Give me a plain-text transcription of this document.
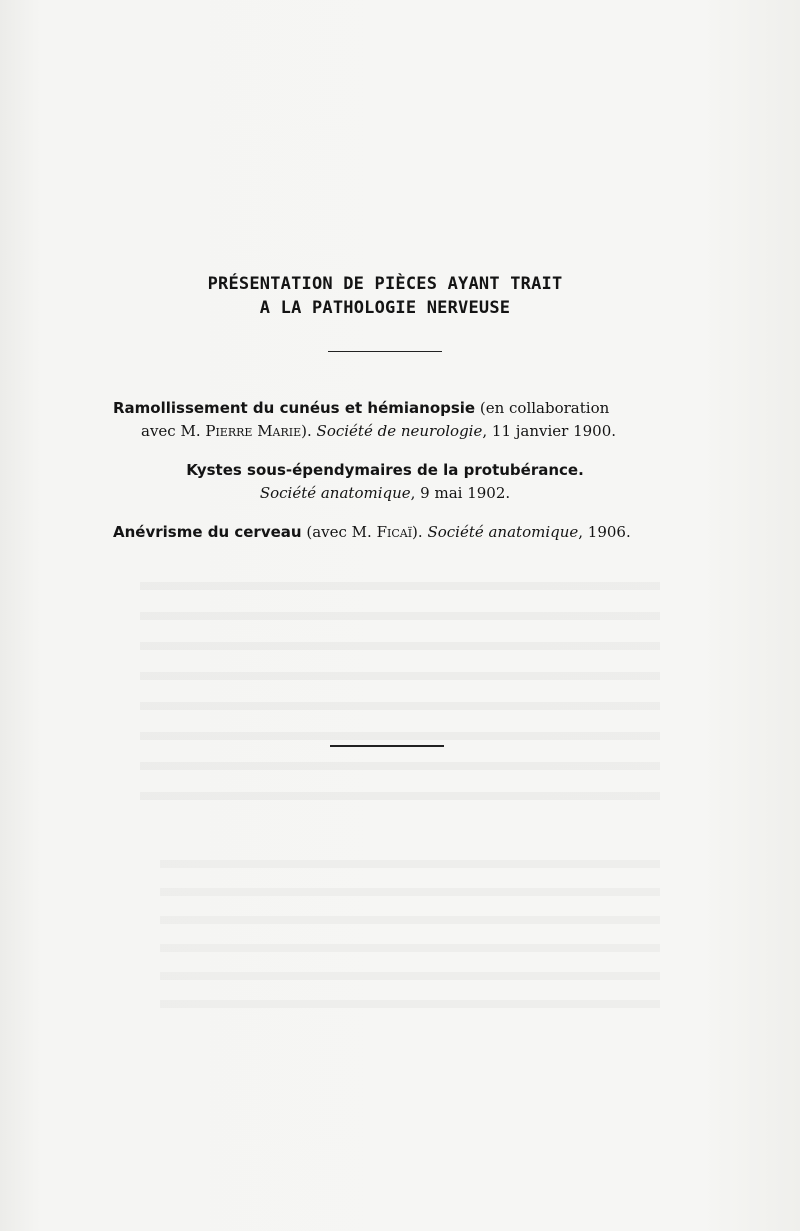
PRÉSENTATION DE PIÈCES AYANT TRAIT
A LA PATHOLOGIE NERVEUSE
Ramollissement du cunéus et hémianopsie (en collaboration
avec M. Pierre Marie). Société de neurologie, 11 janvier 1900.
Kystes sous-épendymaires de la protubérance.
Société anatomique, 9 mai 1902.
Anévrisme du cerveau (avec M. Ficaï). Société anatomique, 1906.
